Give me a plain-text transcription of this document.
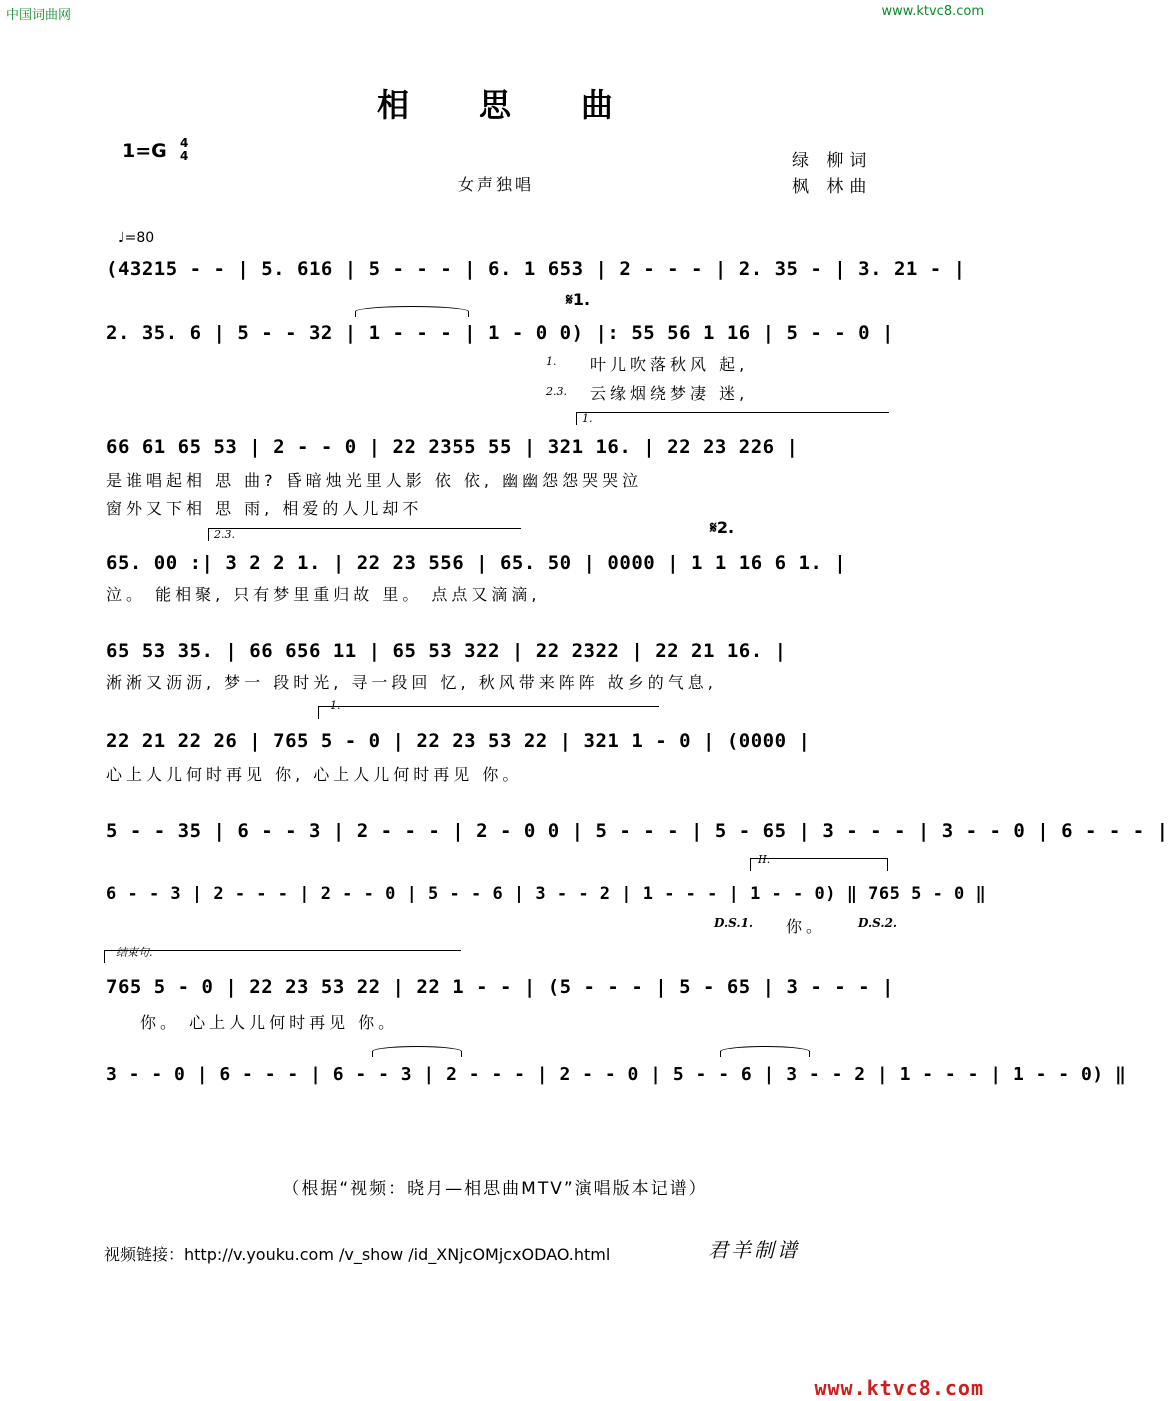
中国词曲网	www.ktvc8.com
相思曲
1=G 4
4	绿 柳词
枫 林曲
女声独唱
♩=80
(43215 - - | 5. 616 | 5 - - - | 6. 1 653 | 2 - - - | 2. 35 - | 3. 21 - |
𝄋1.
2. 35. 6 | 5 - - 32 | 1 - - - | 1 - 0 0) |: 55 56 1 16 | 5 - - 0 |
1. 叶儿吹落秋风 起,
2.3. 云缘烟绕梦凄 迷,
1.
66 61 65 53 | 2 - - 0 | 22 2355 55 | 321 16. | 22 23 226 |
是谁唱起相 思 曲? 昏暗烛光里人影 依 依, 幽幽怨怨哭哭泣
窗外又下相 思 雨, 相爱的人儿却不
2.3.	𝄋2.
65. 00 :| 3 2 2 1. | 22 23 556 | 65. 50 | 0000 | 1 1 16 6 1. |
泣。 能相聚, 只有梦里重归故 里。 点点又滴滴,
65 53 35. | 66 656 11 | 65 53 322 | 22 2322 | 22 21 16. |
淅淅又沥沥, 梦一 段时光, 寻一段回 忆, 秋风带来阵阵 故乡的气息,
1.
22 21 22 26 | 765 5 - 0 | 22 23 53 22 | 321 1 - 0 | (0000 |
心上人儿何时再见 你, 心上人儿何时再见 你。
5 - - 35 | 6 - - 3 | 2 - - - | 2 - 0 0 | 5 - - - | 5 - 65 | 3 - - - | 3 - - 0 | 6 - - - |
II.
6 - - 3 | 2 - - - | 2 - - 0 | 5 - - 6 | 3 - - 2 | 1 - - - | 1 - - 0) ‖ 765 5 - 0 ‖
D.S.1. 你。	D.S.2.
结束句.
765 5 - 0 | 22 23 53 22 | 22 1 - - | (5 - - - | 5 - 65 | 3 - - - |
你。 心上人儿何时再见 你。
3 - - 0 | 6 - - - | 6 - - 3 | 2 - - - | 2 - - 0 | 5 - - 6 | 3 - - 2 | 1 - - - | 1 - - 0) ‖
（根据“视频：晓月—相思曲MTV”演唱版本记谱）
视频链接：http://v.youku.com /v_show /id_XNjcOMjcxODAO.html	君羊制谱
www.ktvc8.com
